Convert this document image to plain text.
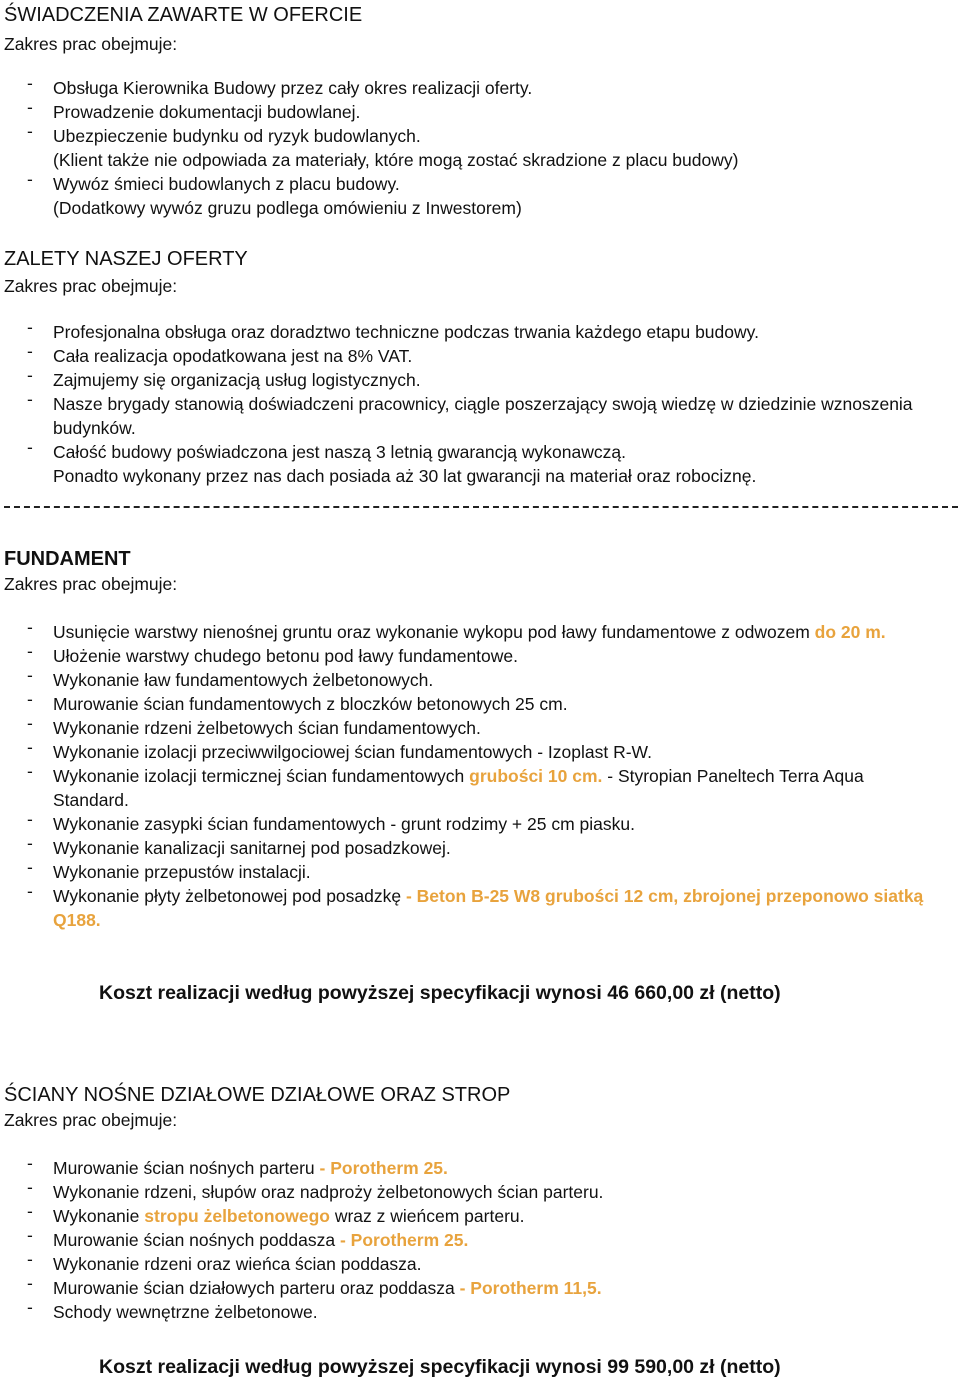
ŚWIADCZENIA ZAWARTE W OFERCIE
Zakres prac obejmuje:
- Obsługa Kierownika Budowy przez cały okres realizacji oferty.
- Prowadzenie dokumentacji budowlanej.
- Ubezpieczenie budynku od ryzyk budowlanych.
(Klient także nie odpowiada za materiały, które mogą zostać skradzione z placu budowy)
- Wywóz śmieci budowlanych z placu budowy.
(Dodatkowy wywóz gruzu podlega omówieniu z Inwestorem)
ZALETY NASZEJ OFERTY
Zakres prac obejmuje:
- Profesjonalna obsługa oraz doradztwo techniczne podczas trwania każdego etapu budowy.
- Cała realizacja opodatkowana jest na 8% VAT.
- Zajmujemy się organizacją usług logistycznych.
- Nasze brygady stanowią doświadczeni pracownicy, ciągle poszerzający swoją wiedzę w dziedzinie wznoszenia budynków.
- Całość budowy poświadczona jest naszą 3 letnią gwarancją wykonawczą.
Ponadto wykonany przez nas dach posiada aż 30 lat gwarancji na materiał oraz robociznę.
FUNDAMENT
Zakres prac obejmuje:
- Usunięcie warstwy nienośnej gruntu oraz wykonanie wykopu pod ławy fundamentowe z odwozem do 20 m.
- Ułożenie warstwy chudego betonu pod ławy fundamentowe.
- Wykonanie ław fundamentowych żelbetonowych.
- Murowanie ścian fundamentowych z bloczków betonowych 25 cm.
- Wykonanie rdzeni żelbetowych ścian fundamentowych.
- Wykonanie izolacji przeciwwilgociowej ścian fundamentowych - Izoplast R-W.
- Wykonanie izolacji termicznej ścian fundamentowych grubości 10 cm. - Styropian Paneltech Terra Aqua Standard.
- Wykonanie zasypki ścian fundamentowych - grunt rodzimy + 25 cm piasku.
- Wykonanie kanalizacji sanitarnej pod posadzkowej.
- Wykonanie przepustów instalacji.
- Wykonanie płyty żelbetonowej pod posadzkę - Beton B-25 W8 grubości 12 cm, zbrojonej przeponowo siatką Q188.
Koszt realizacji według powyższej specyfikacji wynosi 46 660,00 zł (netto)
ŚCIANY NOŚNE DZIAŁOWE DZIAŁOWE ORAZ STROP
Zakres prac obejmuje:
- Murowanie ścian nośnych parteru - Porotherm 25.
- Wykonanie rdzeni, słupów oraz nadproży żelbetonowych ścian parteru.
- Wykonanie stropu żelbetonowego wraz z wieńcem parteru.
- Murowanie ścian nośnych poddasza - Porotherm 25.
- Wykonanie rdzeni oraz wieńca ścian poddasza.
- Murowanie ścian działowych parteru oraz poddasza - Porotherm 11,5.
- Schody wewnętrzne żelbetonowe.
Koszt realizacji według powyższej specyfikacji wynosi 99 590,00 zł (netto)
